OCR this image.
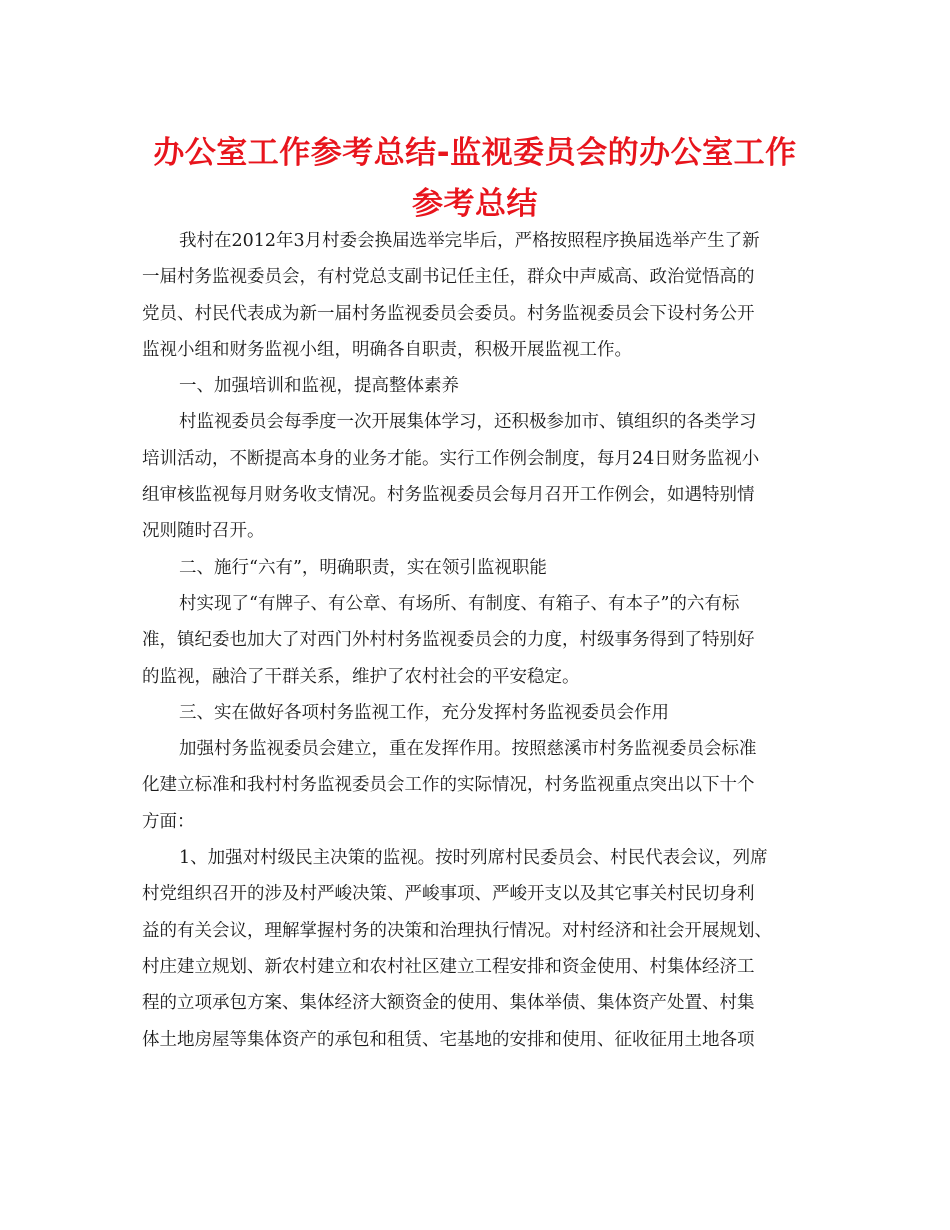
办公室工作参考总结-监视委员会的办公室工作
参考总结
我村在2012年3月村委会换届选举完毕后，严格按照程序换届选举产生了新
一届村务监视委员会，有村党总支副书记任主任，群众中声威高、政治觉悟高的
党员、村民代表成为新一届村务监视委员会委员。村务监视委员会下设村务公开
监视小组和财务监视小组，明确各自职责，积极开展监视工作。
一、加强培训和监视，提高整体素养
村监视委员会每季度一次开展集体学习，还积极参加市、镇组织的各类学习
培训活动，不断提高本身的业务才能。实行工作例会制度，每月24日财务监视小
组审核监视每月财务收支情况。村务监视委员会每月召开工作例会，如遇特别情
况则随时召开。
二、施行“六有”，明确职责，实在领引监视职能
村实现了“有牌子、有公章、有场所、有制度、有箱子、有本子”的六有标
准，镇纪委也加大了对西门外村村务监视委员会的力度，村级事务得到了特别好
的监视，融洽了干群关系，维护了农村社会的平安稳定。
三、实在做好各项村务监视工作，充分发挥村务监视委员会作用
加强村务监视委员会建立，重在发挥作用。按照慈溪市村务监视委员会标准
化建立标准和我村村务监视委员会工作的实际情况，村务监视重点突出以下十个
方面：
1、加强对村级民主决策的监视。按时列席村民委员会、村民代表会议，列席
村党组织召开的涉及村严峻决策、严峻事项、严峻开支以及其它事关村民切身利
益的有关会议，理解掌握村务的决策和治理执行情况。对村经济和社会开展规划、
村庄建立规划、新农村建立和农村社区建立工程安排和资金使用、村集体经济工
程的立项承包方案、集体经济大额资金的使用、集体举债、集体资产处置、村集
体土地房屋等集体资产的承包和租赁、宅基地的安排和使用、征收征用土地各项
